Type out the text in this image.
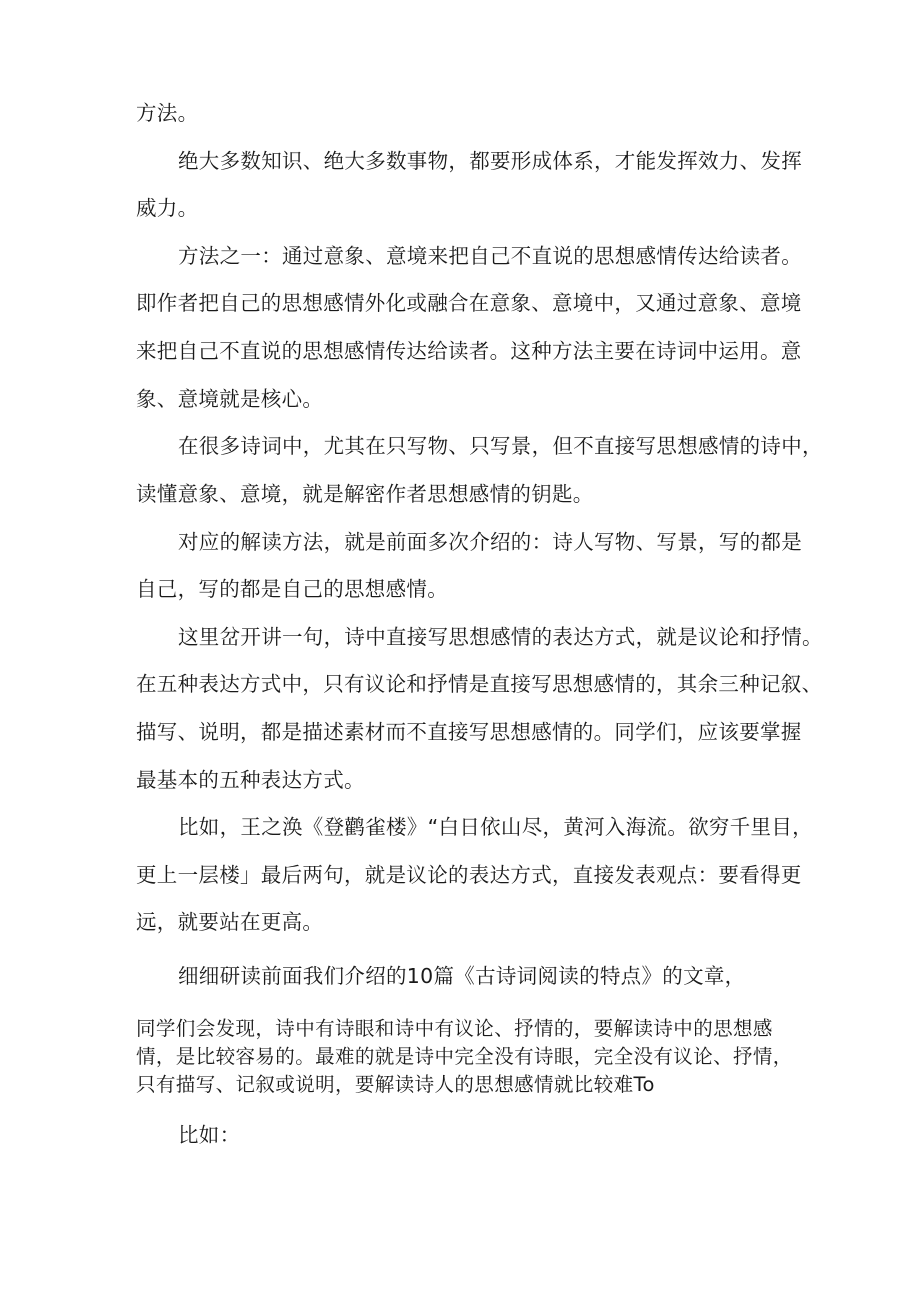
方法。
绝大多数知识、绝大多数事物，都要形成体系，才能发挥效力、发挥
威力。
方法之一：通过意象、意境来把自己不直说的思想感情传达给读者。
即作者把自己的思想感情外化或融合在意象、意境中，又通过意象、意境
来把自己不直说的思想感情传达给读者。这种方法主要在诗词中运用。意
象、意境就是核心。
在很多诗词中，尤其在只写物、只写景，但不直接写思想感情的诗中，
读懂意象、意境，就是解密作者思想感情的钥匙。
对应的解读方法，就是前面多次介绍的：诗人写物、写景，写的都是
自己，写的都是自己的思想感情。
这里岔开讲一句，诗中直接写思想感情的表达方式，就是议论和抒情。
在五种表达方式中，只有议论和抒情是直接写思想感情的，其余三种记叙、
描写、说明，都是描述素材而不直接写思想感情的。同学们，应该要掌握
最基本的五种表达方式。
比如，王之涣《登鹳雀楼》“白日依山尽，黄河入海流。欲穷千里目，
更上一层楼」最后两句，就是议论的表达方式，直接发表观点：要看得更
远，就要站在更高。
细细研读前面我们介绍的10篇《古诗词阅读的特点》的文章，
同学们会发现，诗中有诗眼和诗中有议论、抒情的，要解读诗中的思想感
情，是比较容易的。最难的就是诗中完全没有诗眼，完全没有议论、抒情，
只有描写、记叙或说明，要解读诗人的思想感情就比较难To
比如：
